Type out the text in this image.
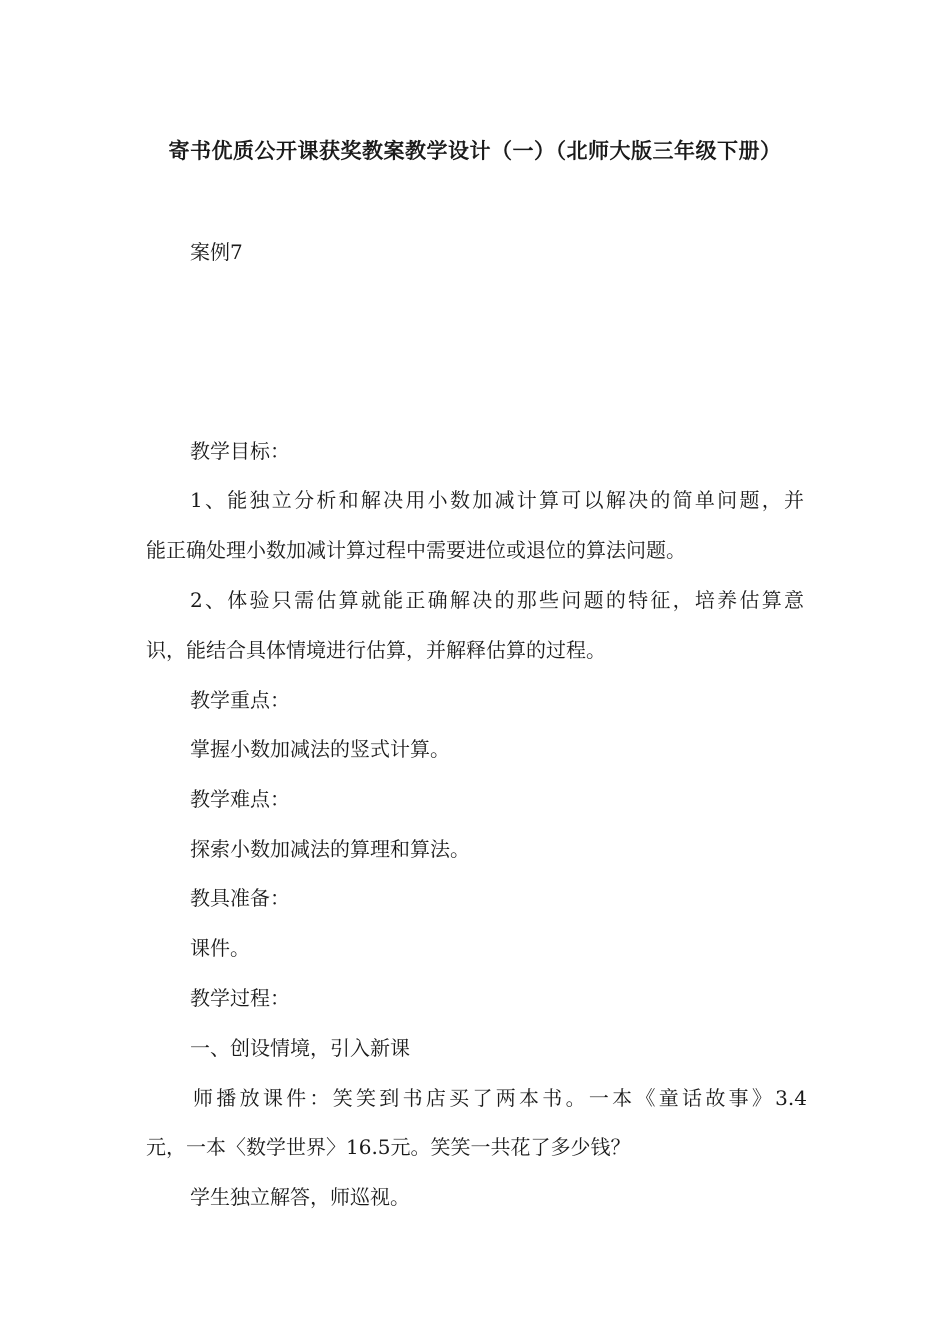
寄书优质公开课获奖教案教学设计（一）（北师大版三年级下册）
案例7
教学目标：
1、能独立分析和解决用小数加减计算可以解决的简单问题，并
能正确处理小数加减计算过程中需要进位或退位的算法问题。
2、体验只需估算就能正确解决的那些问题的特征，培养估算意
识，能结合具体情境进行估算，并解释估算的过程。
教学重点：
掌握小数加减法的竖式计算。
教学难点：
探索小数加减法的算理和算法。
教具准备：
课件。
教学过程：
一、创设情境，引入新课
师播放课件：笑笑到书店买了两本书。一本《童话故事》3.4
元，一本〈数学世界〉16.5元。笑笑一共花了多少钱？
学生独立解答，师巡视。
